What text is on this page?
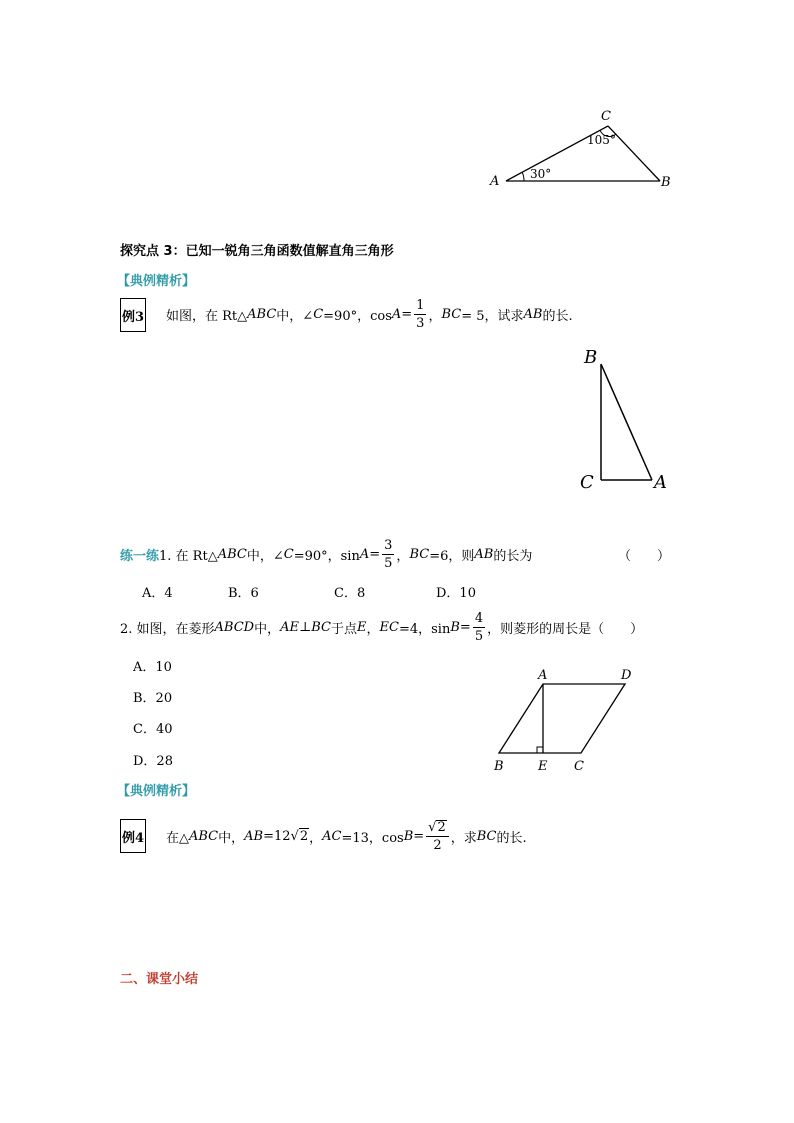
A
C
B
30°
105°
探究点 3：已知一锐角三角函数值解直角三角形
【典例精析】
例3 如图，在 Rt△ ABC 中，∠ C =90°，$\cos A = \frac{1}{3}$ ， BC = 5，试求 AB 的长.
B
C	A
练一练 1. 在 Rt△ ABC 中，∠ C =90°，$\sin A = \frac{3}{5}$ ， BC =6，则 AB 的长为	（　　）
A．4	B．6	C．8	D．10
2. 如图，在菱形 ABCD 中， AE ⊥ BC 于点 E ， EC =4，$\sin B = \frac{4}{5}$ ，则菱形的周长是（　　）
A．10
B．20
C．40
D．28
A	D
B	E C
【典例精析】
例4 在△ ABC 中， AB =12 √ 2 ， AC =13，$\cos B = \frac{√ 2}{2}$ ，求 BC 的长.
二、课堂小结
